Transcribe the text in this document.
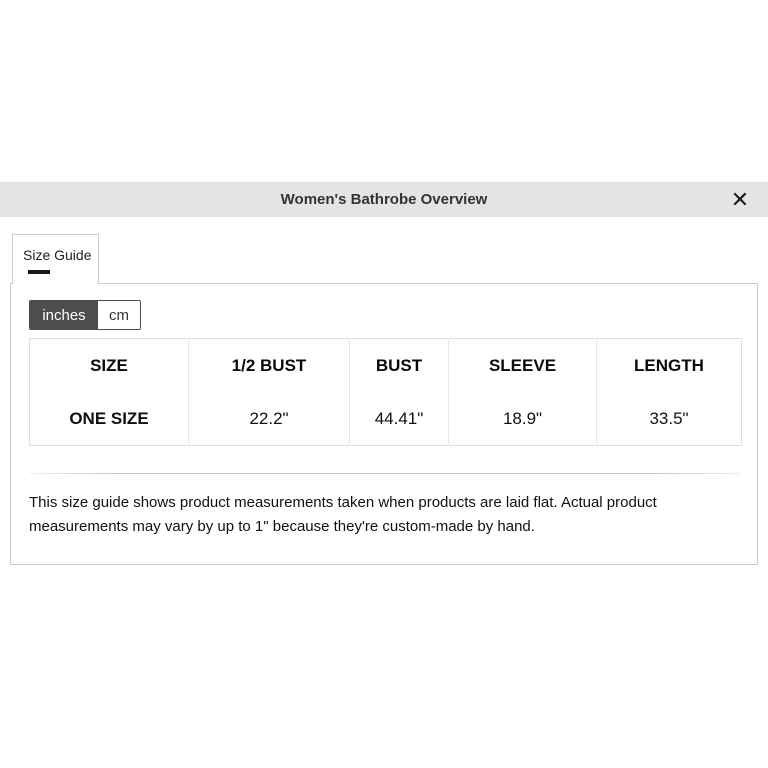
Women's Bathrobe Overview	✕
Size Guide
inches	cm
SIZE	1/2 BUST	BUST	SLEEVE	LENGTH
ONE SIZE	22.2"	44.41"	18.9"	33.5"

This size guide shows product measurements taken when products are laid flat. Actual product measurements may vary by up to 1" because they're custom-made by hand.
